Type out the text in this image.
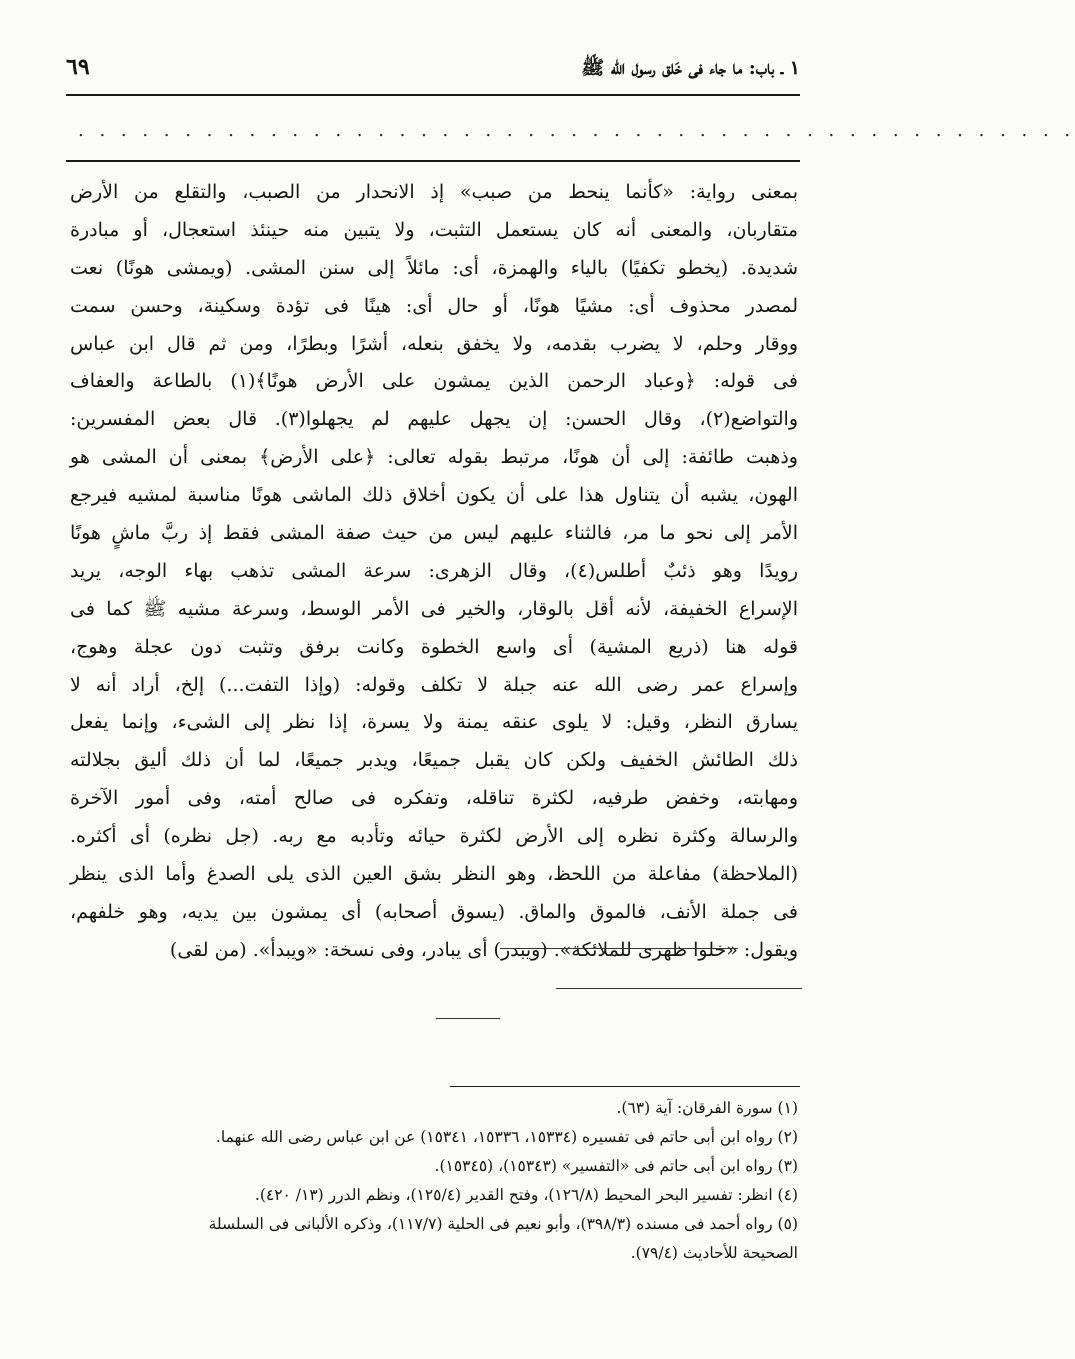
١ ـ باب: ما جاء فى خَلق رسول الله ﷺ
٦٩
. . . . . . . . . . . . . . . . . . . . . . . . . . . . . . . . . . . . . . . . . . . . . . .
بمعنى رواية: «كأنما ينحط من صبب» إذ الانحدار من الصبب، والتقلع من الأرض
متقاربان، والمعنى أنه كان يستعمل التثبت، ولا يتبين منه حينئذ استعجال، أو مبادرة
شديدة. (يخطو تكفيًا) بالياء والهمزة، أى: مائلاً إلى سنن المشى. (ويمشى هونًا) نعت
لمصدر محذوف أى: مشيًا هونًا، أو حال أى: هينًا فى تؤدة وسكينة، وحسن سمت
ووقار وحلم، لا يضرب بقدمه، ولا يخفق بنعله، أشرًا وبطرًا، ومن ثم قال ابن عباس
فى قوله: ﴿وعباد الرحمن الذين يمشون على الأرض هونًا﴾(١) بالطاعة والعفاف
والتواضع(٢)، وقال الحسن: إن يجهل عليهم لم يجهلوا(٣). قال بعض المفسرين:
وذهبت طائفة: إلى أن هونًا، مرتبط بقوله تعالى: ﴿على الأرض﴾ بمعنى أن المشى هو
الهون، يشبه أن يتناول هذا على أن يكون أخلاق ذلك الماشى هونًا مناسبة لمشيه فيرجع
الأمر إلى نحو ما مر، فالثناء عليهم ليس من حيث صفة المشى فقط إذ ربَّ ماشٍ هونًا
رويدًا وهو ذئبٌ أطلس(٤)، وقال الزهرى: سرعة المشى تذهب بهاء الوجه، يريد
الإسراع الخفيفة، لأنه أقل بالوقار، والخير فى الأمر الوسط، وسرعة مشيه ﷺ كما فى
قوله هنا (ذريع المشية) أى واسع الخطوة وكانت برفق وتثبت دون عجلة وهوج،
وإسراع عمر رضى الله عنه جبلة لا تكلف وقوله: (وإذا التفت...) إلخ، أراد أنه لا
يسارق النظر، وقيل: لا يلوى عنقه يمنة ولا يسرة، إذا نظر إلى الشىء، وإنما يفعل
ذلك الطائش الخفيف ولكن كان يقبل جميعًا، ويدبر جميعًا، لما أن ذلك أليق بجلالته
ومهابته، وخفض طرفيه، لكثرة تناقله، وتفكره فى صالح أمته، وفى أمور الآخرة
والرسالة وكثرة نظره إلى الأرض لكثرة حيائه وتأدبه مع ربه. (جل نظره) أى أكثره.
(الملاحظة) مفاعلة من اللحظ، وهو النظر بشق العين الذى يلى الصدغ وأما الذى ينظر
فى جملة الأنف، فالموق والماق. (يسوق أصحابه) أى يمشون بين يديه، وهو خلفهم،
ويقول: «خلوا ظهرى للملائكة». (ويبدر) أى يبادر، وفى نسخة: «ويبدأ». (من لقى)
(١) سورة الفرقان: آية (٦٣).
(٢) رواه ابن أبى حاتم فى تفسيره (١٥٣٣٤، ١٥٣٣٦، ١٥٣٤١) عن ابن عباس رضى الله عنهما.
(٣) رواه ابن أبى حاتم فى «التفسير» (١٥٣٤٣)، (١٥٣٤٥).
(٤) انظر: تفسير البحر المحيط (١٢٦/٨)، وفتح القدير (١٢٥/٤)، ونظم الدرر (١٣/ ٤٢٠).
(٥) رواه أحمد فى مسنده (٣٩٨/٣)، وأبو نعيم فى الحلية (١١٧/٧)، وذكره الألبانى فى السلسلة
الصحيحة للأحاديث (٧٩/٤).
